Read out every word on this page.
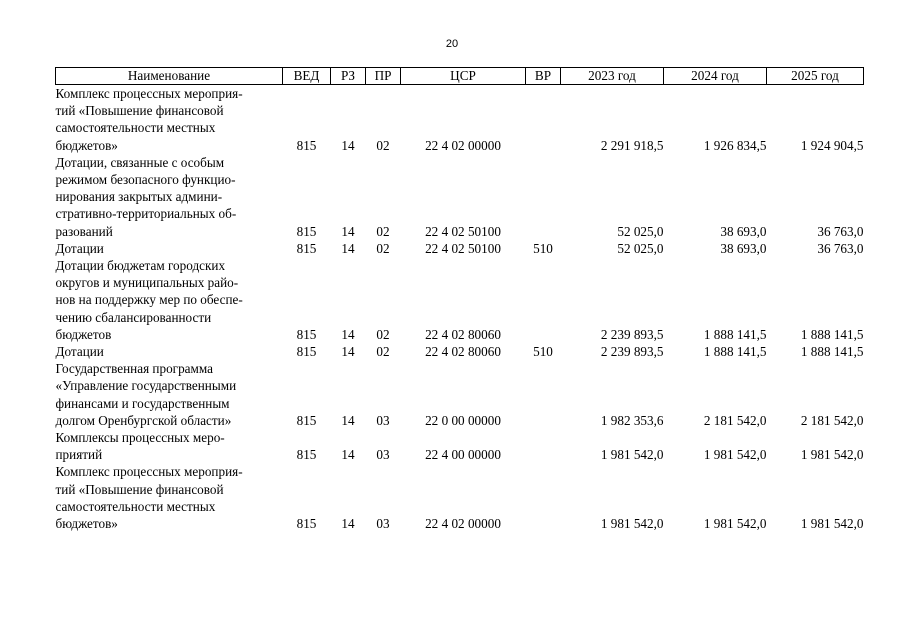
20
Наименование	ВЕД	РЗ	ПР	ЦСР	ВР	2023 год	2024 год	2025 год
Комплекс процессных мероприя-
тий «Повышение финансовой
самостоятельности местных
бюджетов»	815	14	02	22 4 02 00000		2 291 918,5	1 926 834,5	1 924 904,5
Дотации, связанные с особым
режимом безопасного функцио-
нирования закрытых админи-
стративно-территориальных об-
разований	815	14	02	22 4 02 50100		52 025,0	38 693,0	36 763,0
Дотации	815	14	02	22 4 02 50100	510	52 025,0	38 693,0	36 763,0
Дотации бюджетам городских
округов и муниципальных райо-
нов на поддержку мер по обеспе-
чению сбалансированности
бюджетов	815	14	02	22 4 02 80060		2 239 893,5	1 888 141,5	1 888 141,5
Дотации	815	14	02	22 4 02 80060	510	2 239 893,5	1 888 141,5	1 888 141,5
Государственная программа
«Управление государственными
финансами и государственным
долгом Оренбургской области»	815	14	03	22 0 00 00000		1 982 353,6	2 181 542,0	2 181 542,0
Комплексы процессных меро-
приятий	815	14	03	22 4 00 00000		1 981 542,0	1 981 542,0	1 981 542,0
Комплекс процессных мероприя-
тий «Повышение финансовой
самостоятельности местных
бюджетов»	815	14	03	22 4 02 00000		1 981 542,0	1 981 542,0	1 981 542,0
